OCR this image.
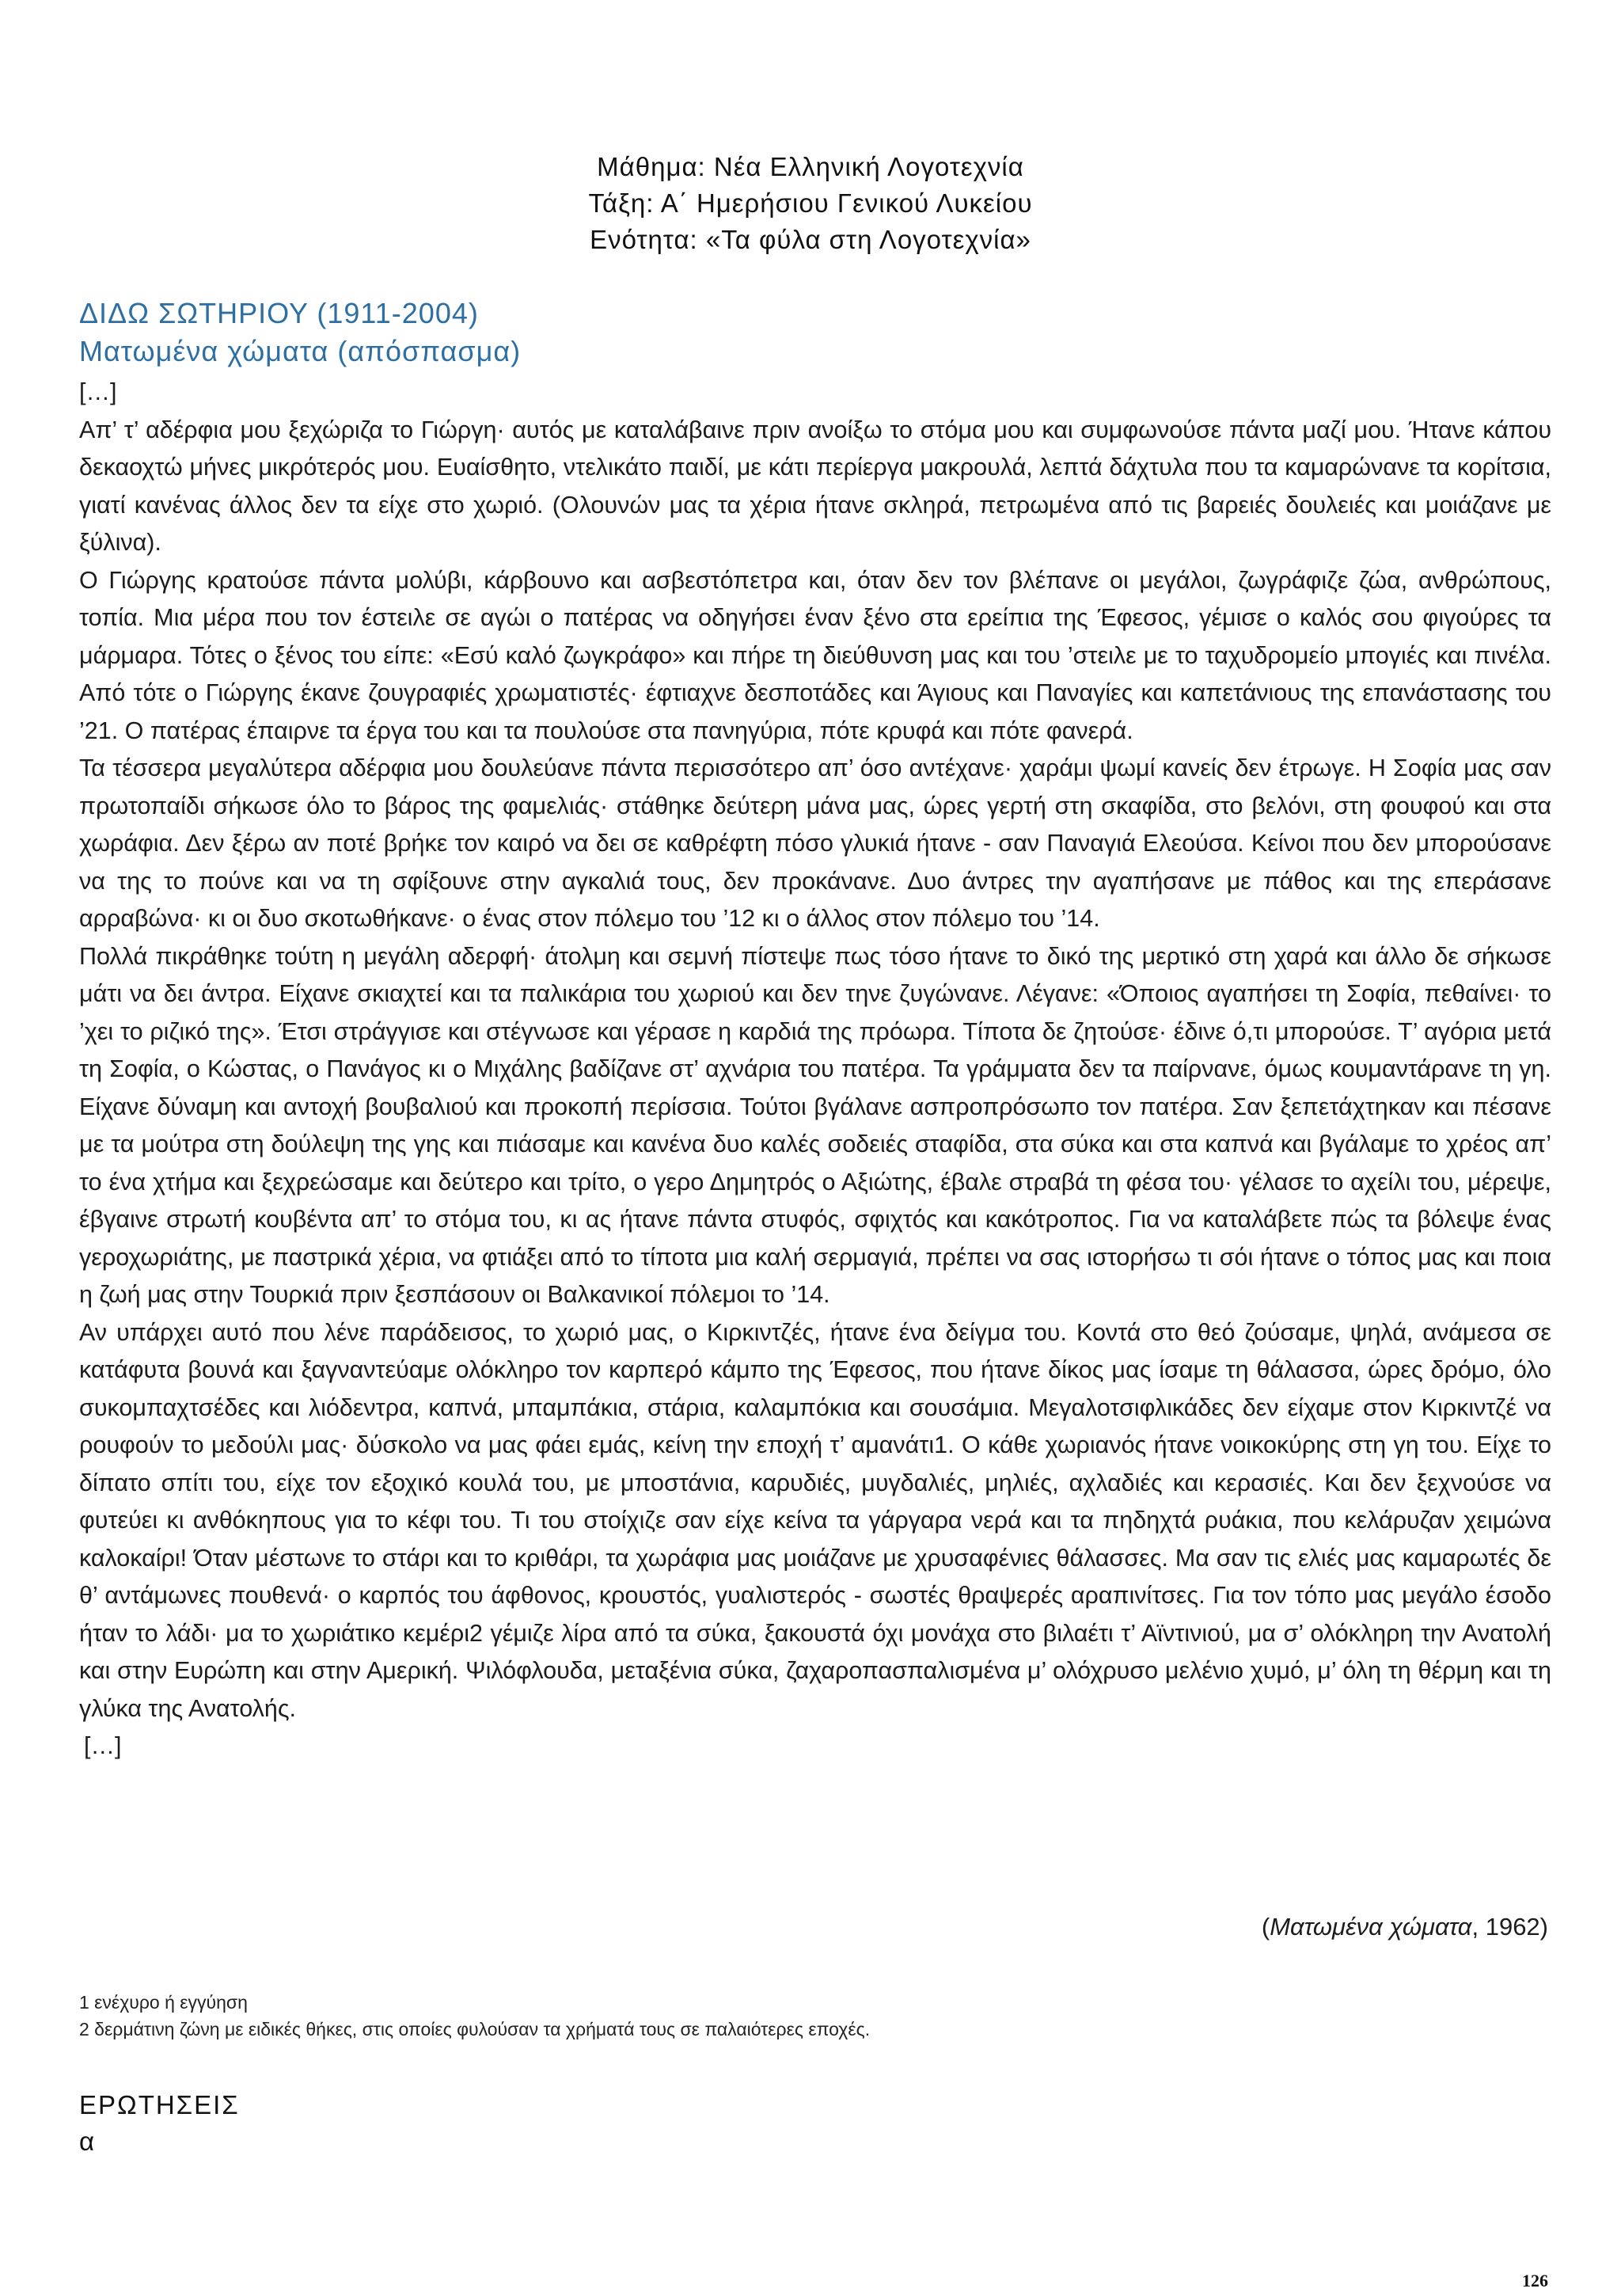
Μάθημα: Νέα Ελληνική Λογοτεχνία
Τάξη: Α΄ Ημερήσιου Γενικού Λυκείου
Ενότητα: «Τα φύλα στη Λογοτεχνία»
ΔΙΔΩ ΣΩΤΗΡΙΟΥ (1911-2004)
Ματωμένα χώματα (απόσπασμα)

[…]

Απ’ τ’ αδέρφια μου ξεχώριζα το Γιώργη· αυτός με καταλάβαινε πριν ανοίξω το στόμα μου και συμφωνούσε πάντα μαζί μου. Ήτανε κάπου δεκαοχτώ μήνες μικρότερός μου. Ευαίσθητο, ντελικάτο παιδί, με κάτι περίεργα μακρουλά, λεπτά δάχτυλα που τα καμαρώνανε τα κορίτσια, γιατί κανένας άλλος δεν τα είχε στο χωριό. (Ολουνών μας τα χέρια ήτανε σκληρά, πετρωμένα από τις βαρειές δουλειές και μοιάζανε με ξύλινα).

Ο Γιώργης κρατούσε πάντα μολύβι, κάρβουνο και ασβεστόπετρα και, όταν δεν τον βλέπανε οι μεγάλοι, ζωγράφιζε ζώα, ανθρώπους, τοπία. Μια μέρα που τον έστειλε σε αγώι ο πατέρας να οδηγήσει έναν ξένο στα ερείπια της Έφεσος, γέμισε ο καλός σου φιγούρες τα μάρμαρα. Τότες ο ξένος του είπε: «Εσύ καλό ζωγκράφο» και πήρε τη διεύθυνση μας και του ’στειλε με το ταχυδρομείο μπογιές και πινέλα. Από τότε ο Γιώργης έκανε ζουγραφιές χρωματιστές· έφτιαχνε δεσποτάδες και Άγιους και Παναγίες και καπετάνιους της επανάστασης του ’21. Ο πατέρας έπαιρνε τα έργα του και τα πουλούσε στα πανηγύρια, πότε κρυφά και πότε φανερά.

Τα τέσσερα μεγαλύτερα αδέρφια μου δουλεύανε πάντα περισσότερο απ’ όσο αντέχανε· χαράμι ψωμί κανείς δεν έτρωγε. Η Σοφία μας σαν πρωτοπαίδι σήκωσε όλο το βάρος της φαμελιάς· στάθηκε δεύτερη μάνα μας, ώρες γερτή στη σκαφίδα, στο βελόνι, στη φουφού και στα χωράφια. Δεν ξέρω αν ποτέ βρήκε τον καιρό να δει σε καθρέφτη πόσο γλυκιά ήτανε - σαν Παναγιά Ελεούσα. Κείνοι που δεν μπορούσανε να της το πούνε και να τη σφίξουνε στην αγκαλιά τους, δεν προκάνανε. Δυο άντρες την αγαπήσανε με πάθος και της επεράσανε αρραβώνα· κι οι δυο σκοτωθήκανε· ο ένας στον πόλεμο του ’12 κι ο άλλος στον πόλεμο του ’14.

Πολλά πικράθηκε τούτη η μεγάλη αδερφή· άτολμη και σεμνή πίστεψε πως τόσο ήτανε το δικό της μερτικό στη χαρά και άλλο δε σήκωσε μάτι να δει άντρα. Είχανε σκιαχτεί και τα παλικάρια του χωριού και δεν τηνε ζυγώνανε. Λέγανε: «Όποιος αγαπήσει τη Σοφία, πεθαίνει· το ’χει το ριζικό της». Έτσι στράγγισε και στέγνωσε και γέρασε η καρδιά της πρόωρα. Τίποτα δε ζητούσε· έδινε ό,τι μπορούσε. Τ’ αγόρια μετά τη Σοφία, ο Κώστας, ο Πανάγος κι ο Μιχάλης βαδίζανε στ’ αχνάρια του πατέρα. Τα γράμματα δεν τα παίρνανε, όμως κουμαντάρανε τη γη. Είχανε δύναμη και αντοχή βουβαλιού και προκοπή περίσσια. Τούτοι βγάλανε ασπροπρόσωπο τον πατέρα. Σαν ξεπετάχτηκαν και πέσανε με τα μούτρα στη δούλεψη της γης και πιάσαμε και κανένα δυο καλές σοδειές σταφίδα, στα σύκα και στα καπνά και βγάλαμε το χρέος απ’ το ένα χτήμα και ξεχρεώσαμε και δεύτερο και τρίτο, ο γερο Δημητρός ο Αξιώτης, έβαλε στραβά τη φέσα του· γέλασε το αχείλι του, μέρεψε, έβγαινε στρωτή κουβέντα απ’ το στόμα του, κι ας ήτανε πάντα στυφός, σφιχτός και κακότροπος. Για να καταλάβετε πώς τα βόλεψε ένας γεροχωριάτης, με παστρικά χέρια, να φτιάξει από το τίποτα μια καλή σερμαγιά, πρέπει να σας ιστορήσω τι σόι ήτανε ο τόπος μας και ποια η ζωή μας στην Τουρκιά πριν ξεσπάσουν οι Βαλκανικοί πόλεμοι το ’14.

Αν υπάρχει αυτό που λένε παράδεισος, το χωριό μας, ο Κιρκιντζές, ήτανε ένα δείγμα του. Κοντά στο θεό ζούσαμε, ψηλά, ανάμεσα σε κατάφυτα βουνά και ξαγναντεύαμε ολόκληρο τον καρπερό κάμπο της Έφεσος, που ήτανε δίκος μας ίσαμε τη θάλασσα, ώρες δρόμο, όλο συκομπαχτσέδες και λιόδεντρα, καπνά, μπαμπάκια, στάρια, καλαμπόκια και σουσάμια. Μεγαλοτσιφλικάδες δεν είχαμε στον Κιρκιντζέ να ρουφούν το μεδούλι μας· δύσκολο να μας φάει εμάς, κείνη την εποχή τ’ αμανάτι1. Ο κάθε χωριανός ήτανε νοικοκύρης στη γη του. Είχε το δίπατο σπίτι του, είχε τον εξοχικό κουλά του, με μποστάνια, καρυδιές, μυγδαλιές, μηλιές, αχλαδιές και κερασιές. Και δεν ξεχνούσε να φυτεύει κι ανθόκηπους για το κέφι του. Τι του στοίχιζε σαν είχε κείνα τα γάργαρα νερά και τα πηδηχτά ρυάκια, που κελάρυζαν χειμώνα καλοκαίρι! Όταν μέστωνε το στάρι και το κριθάρι, τα χωράφια μας μοιάζανε με χρυσαφένιες θάλασσες. Μα σαν τις ελιές μας καμαρωτές δε θ’ αντάμωνες πουθενά· ο καρπός του άφθονος, κρουστός, γυαλιστερός - σωστές θραψερές αραπινίτσες. Για τον τόπο μας μεγάλο έσοδο ήταν το λάδι· μα το χωριάτικο κεμέρι2 γέμιζε λίρα από τα σύκα, ξακουστά όχι μονάχα στο βιλαέτι τ’ Αϊντινιού, μα σ’ ολόκληρη την Ανατολή και στην Ευρώπη και στην Αμερική. Ψιλόφλουδα, μεταξένια σύκα, ζαχαροπασπαλισμένα μ’ ολόχρυσο μελένιο χυμό, μ’ όλη τη θέρμη και τη γλύκα της Ανατολής.

[…]

(Ματωμένα χώματα, 1962)
1 ενέχυρο ή εγγύηση
2 δερμάτινη ζώνη με ειδικές θήκες, στις οποίες φυλούσαν τα χρήματά τους σε παλαιότερες εποχές.
ΕΡΩΤΗΣΕΙΣ
α
126
